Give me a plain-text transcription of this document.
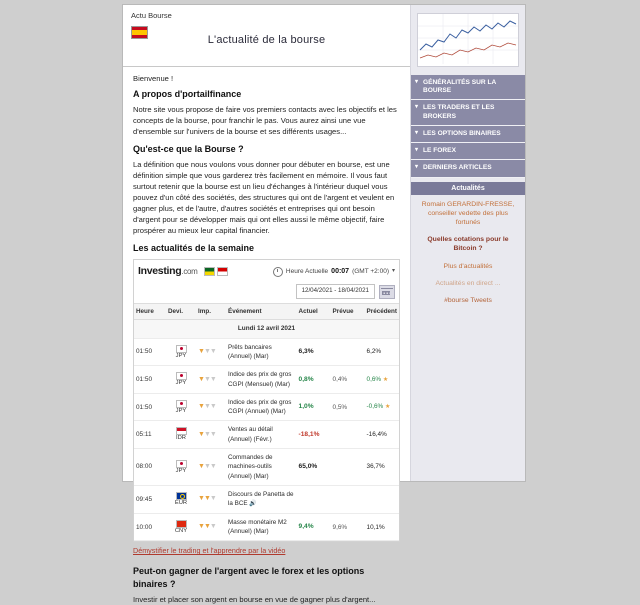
Actu Bourse
L'actualité de la bourse
Bienvenue !
A propos d'portailfinance

Notre site vous propose de faire vos premiers contacts avec les objectifs et les concepts de la bourse, pour franchir le pas. Vous aurez ainsi une vue d'ensemble sur l'univers de la bourse et ses différents usages...

Qu'est-ce que la Bourse ?

La définition que nous voulons vous donner pour débuter en bourse, est une définition simple que vous garderez très facilement en mémoire. Il vous faut surtout retenir que la bourse est un lieu d'échanges à l'intérieur duquel vous pouvez d'un côté des sociétés, des structures qui ont de l'argent et veulent en gagner plus, et de l'autre, d'autres sociétés et entreprises qui ont besoin d'argent pour se développer mais qui ont elles aussi le même objectif, faire prospérer au mieux leur capital financier.

Les actualités de la semaine
Investing.com	Heure Actuelle 00:07 (GMT +2:00) ▾
12/04/2021 - 18/04/2021
Heure	Devi.	Imp.	Événement	Actuel	Prévue	Précédent
Lundi 12 avril 2021						
01:50	JPY	▼▼▼	Prêts bancaires (Annuel) (Mar)	6,3%		6,2%
01:50	JPY	▼▼▼	Indice des prix de gros CGPI (Mensuel) (Mar)	0,8%	0,4%	0,6% ★
01:50	JPY	▼▼▼	Indice des prix de gros CGPI (Annuel) (Mar)	1,0%	0,5%	-0,6% ★
05:11	IDR	▼▼▼	Ventes au détail (Annuel) (Févr.)	-18,1%		-16,4%
08:00	JPY	▼▼▼	Commandes de machines-outils (Annuel) (Mar)	65,0%		36,7%
09:45	EUR	▼▼▼	Discours de Panetta de la BCE 🔊			
10:00	CNY	▼▼▼	Masse monétaire M2 (Annuel) (Mar)	9,4%	9,6%	10,1%
Démystifier le trading et l'apprendre par la vidéo
Peut-on gagner de l'argent avec le forex et les options binaires ?

Investir et placer son argent en bourse en vue de gagner plus d'argent...

▾ GÉNÉRALITÉS SUR LA BOURSE
▾ LES TRADERS ET LES BROKERS
▾ LES OPTIONS BINAIRES
▾ LE FOREX
▾ DERNIERS ARTICLES
Actualités
Romain GERARDIN-FRESSE, conseiller vedette des plus fortunés
Quelles cotations pour le Bitcoin ?
Plus d'actualités
Actualités en direct ...
#bourse Tweets
